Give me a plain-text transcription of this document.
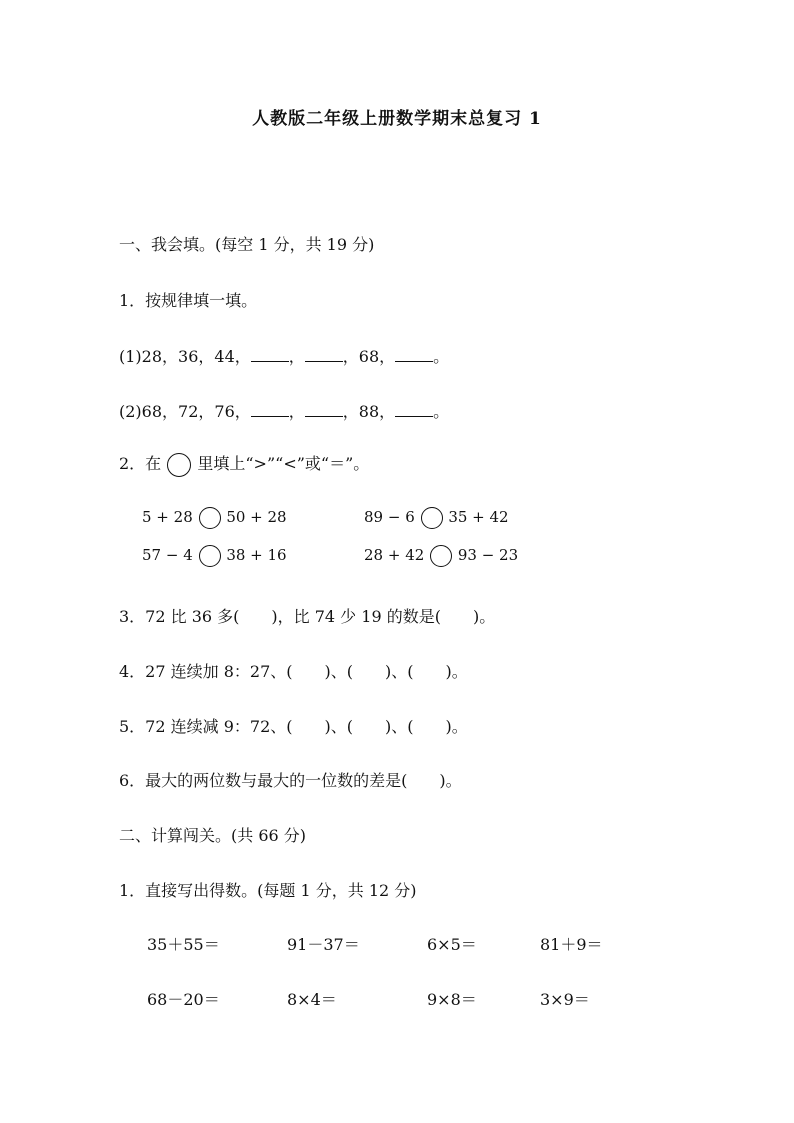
人教版二年级上册数学期末总复习 1
一、我会填。(每空 1 分，共 19 分)
1．按规律填一填。
(1)28，36，44， ， ，68， 。
(2)68，72，76， ， ，88， 。
2．在 里填上“>”“<”或“＝”。
5 + 28 50 + 28	89 − 6 35 + 42
57 − 4 38 + 16	28 + 42 93 − 23
3．72 比 36 多(　　)，比 74 少 19 的数是(　　)。
4．27 连续加 8：27、(　　)、(　　)、(　　)。
5．72 连续减 9：72、(　　)、(　　)、(　　)。
6．最大的两位数与最大的一位数的差是(　　)。
二、计算闯关。(共 66 分)
1．直接写出得数。(每题 1 分，共 12 分)
35＋55＝	91－37＝	6×5＝	81＋9＝
68－20＝	8×4＝	9×8＝	3×9＝
